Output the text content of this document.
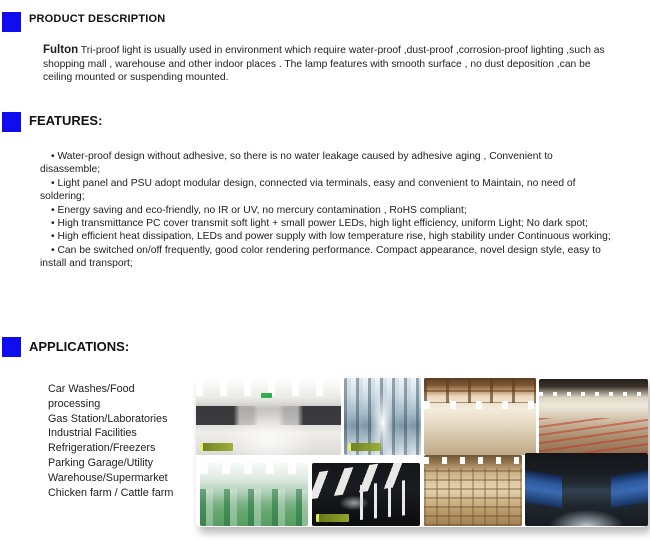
PRODUCT DESCRIPTION

Fulton Tri-proof light is usually used in environment which require water-proof ,dust-proof ,corrosion-proof lighting ,such as shopping mall , warehouse and other indoor places . The lamp features with smooth surface , no dust deposition ,can be ceiling mounted or suspending mounted.

FEATURES:
• Water-proof design without adhesive, so there is no water leakage caused by adhesive aging , Convenient to disassemble;
• Light panel and PSU adopt modular design, connected via terminals, easy and convenient to Maintain, no need of soldering;
• Energy saving and eco-friendly, no IR or UV, no mercury contamination , RoHS compliant;
• High transmittance PC cover transmit soft light + small power LEDs, high light efficiency, uniform Light; No dark spot;
• High efficient heat dissipation, LEDs and power supply with low temperature rise, high stability under Continuous working;
• Can be switched on/off frequently, good color rendering performance. Compact appearance, novel design style, easy to install and transport;
APPLICATIONS:
Car Washes/Food
processing
Gas Station/Laboratories
Industrial Facilities
Refrigeration/Freezers
Parking Garage/Utility
Warehouse/Supermarket
Chicken farm / Cattle farm
